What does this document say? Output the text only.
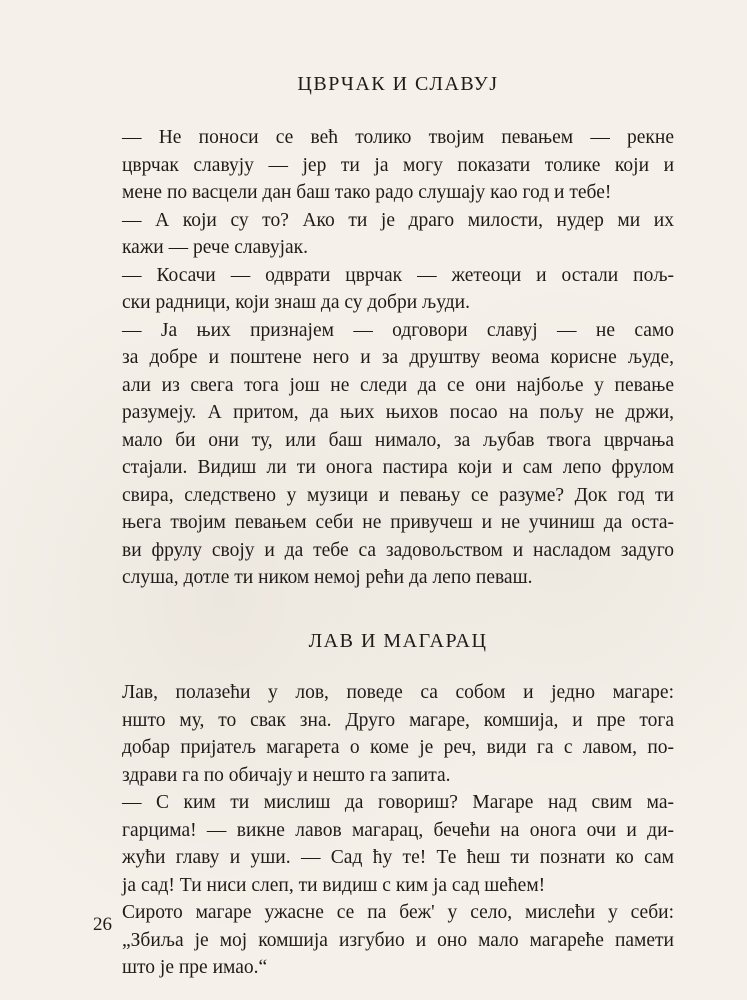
ЦВРЧАК И СЛАВУЈ

— Не поноси се већ толико твојим певањем — рекне
цврчак славују — јер ти ја могу показати толике који и
мене по васцели дан баш тако радо слушају као год и тебе!

— А који су то? Ако ти је драго милости, нудер ми их
кажи — рече славујак.

— Косачи — одврати цврчак — жетеоци и остали пољ-
ски радници, који знаш да су добри људи.

— Ја њих признајем — одговори славуј — не само
за добре и поштене него и за друштву веома корисне људе,
али из свега тога још не следи да се они најбоље у певање
разумеју. А притом, да њих њихов посао на пољу не држи,
мало би они ту, или баш нимало, за љубав твога цврчања
стајали. Видиш ли ти онога пастира који и сам лепо фрулом
свира, следствено у музици и певању се разуме? Док год ти
њега твојим певањем себи не привучеш и не учиниш да оста-
ви фрулу своју и да тебе са задовољством и насладом задуго
слуша, дотле ти ником немој рећи да лепо певаш.

ЛАВ И МАГАРАЦ

Лав, полазећи у лов, поведе са собом и једно магаре:
ншто му, то свак зна. Друго магаре, комшија, и пре тога
добар пријатељ магарета о коме је реч, види га с лавом, по-
здрави га по обичају и нешто га запита.

— С ким ти мислиш да говориш? Магаре над свим ма-
гарцима! — викне лавов магарац, бечећи на онога очи и ди-
жући главу и уши. — Сад ћу те! Те ћеш ти познати ко сам
ја сад! Ти ниси слеп, ти видиш с ким ја сад шећем!

Сирото магаре ужасне се па беж' у село, мислећи у себи:
„Збиља је мој комшија изгубио и оно мало магареће памети
што је пре имао.“

26
